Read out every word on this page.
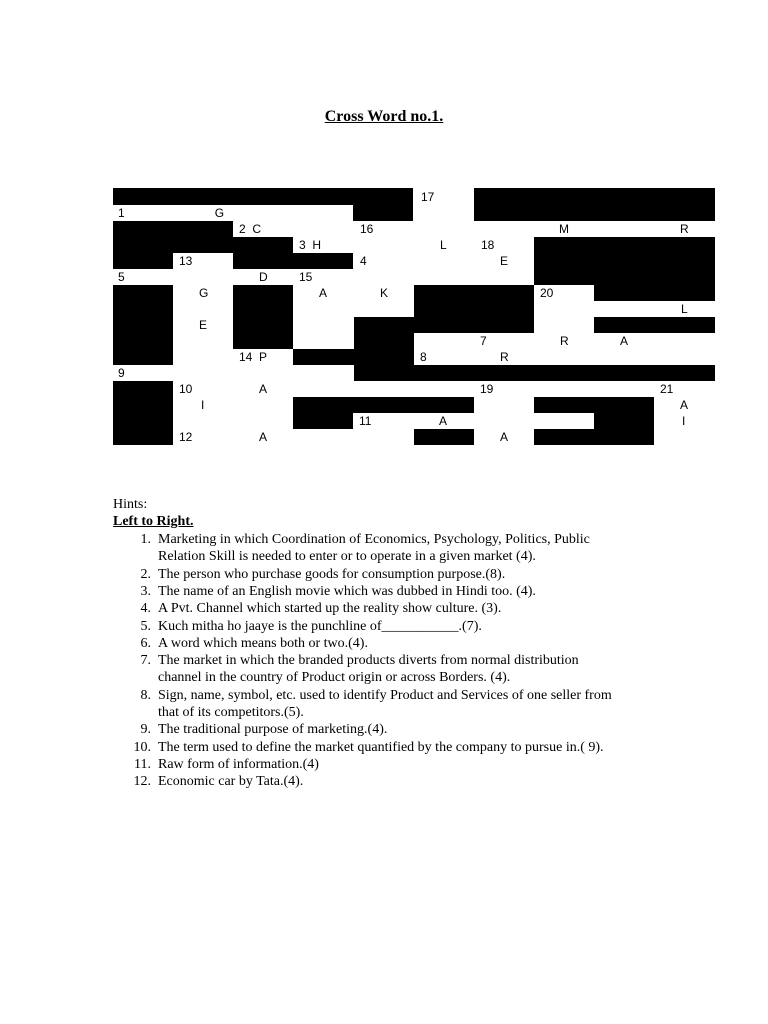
Cross Word no.1.
17
1                           G
2  C	16	M	R
3  H	L	18
13	4	E
5	D	15
G	A	K	20
6	L
E
7	R	A
14  P	8	R
9
10	A	19	21
I	A
11	A	I
12	A	A
Hints:
Left to Right.
1. Marketing in which Coordination of Economics, Psychology, Politics, Public
Relation Skill is needed to enter or to operate in a given market (4).
2. The person who purchase goods for consumption purpose.(8).
3. The name of an English movie which was dubbed in Hindi too. (4).
4. A Pvt. Channel which started up the reality show culture. (3).
5. Kuch mitha ho jaaye is the punchline of___________.(7).
6. A word which means both or two.(4).
7. The market in which the branded products diverts from normal distribution
channel in the country of Product origin or across Borders. (4).
8. Sign, name, symbol, etc. used to identify Product and Services of one seller from
that of its competitors.(5).
9. The traditional purpose of marketing.(4).
10. The term used to define the market quantified by the company to pursue in.( 9).
11. Raw form of information.(4)
12. Economic car by Tata.(4).
